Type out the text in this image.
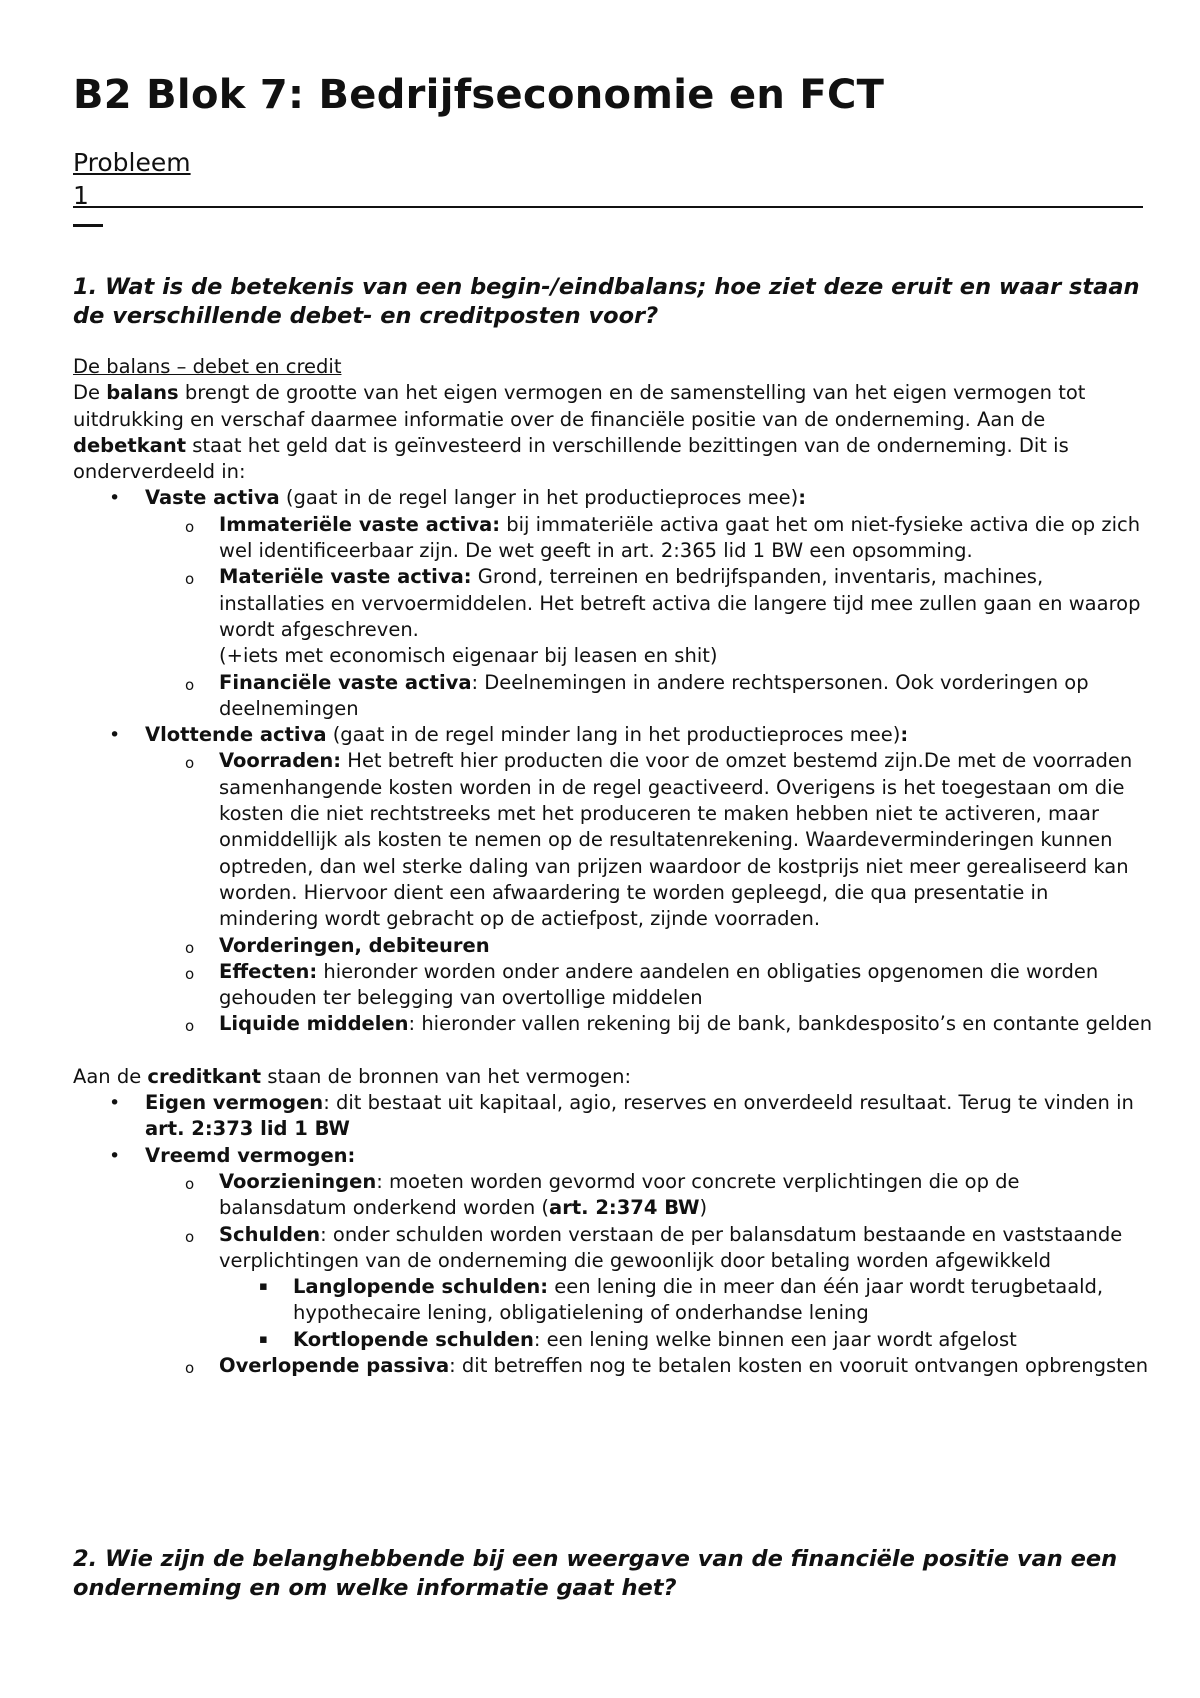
B2 Blok 7: Bedrijfseconomie en FCT
Probleem
1

1. Wat is de betekenis van een begin-/eindbalans; hoe ziet deze eruit en waar staan de verschillende debet- en creditposten voor?

De balans – debet en credit

De balans brengt de grootte van het eigen vermogen en de samenstelling van het eigen vermogen tot uitdrukking en verschaf daarmee informatie over de financiële positie van de onderneming. Aan de debetkant staat het geld dat is geïnvesteerd in verschillende bezittingen van de onderneming. Dit is onderverdeeld in:

• Vaste activa (gaat in de regel langer in het productieproces mee):
o Immateriële vaste activa: bij immateriële activa gaat het om niet-fysieke activa die op zich wel identificeerbaar zijn. De wet geeft in art. 2:365 lid 1 BW een opsomming.
o Materiële vaste activa: Grond, terreinen en bedrijfspanden, inventaris, machines, installaties en vervoermiddelen. Het betreft activa die langere tijd mee zullen gaan en waarop wordt afgeschreven.
(+iets met economisch eigenaar bij leasen en shit)
o Financiële vaste activa: Deelnemingen in andere rechtspersonen. Ook vorderingen op deelnemingen
• Vlottende activa (gaat in de regel minder lang in het productieproces mee):
o Voorraden: Het betreft hier producten die voor de omzet bestemd zijn.De met de voorraden samenhangende kosten worden in de regel geactiveerd. Overigens is het toegestaan om die kosten die niet rechtstreeks met het produceren te maken hebben niet te activeren, maar onmiddellijk als kosten te nemen op de resultatenrekening. Waardeverminderingen kunnen optreden, dan wel sterke daling van prijzen waardoor de kostprijs niet meer gerealiseerd kan worden. Hiervoor dient een afwaardering te worden gepleegd, die qua presentatie in mindering wordt gebracht op de actiefpost, zijnde voorraden.
o Vorderingen, debiteuren
o Effecten: hieronder worden onder andere aandelen en obligaties opgenomen die worden gehouden ter belegging van overtollige middelen
o Liquide middelen: hieronder vallen rekening bij de bank, bankdesposito’s en contante gelden

Aan de creditkant staan de bronnen van het vermogen:

• Eigen vermogen: dit bestaat uit kapitaal, agio, reserves en onverdeeld resultaat. Terug te vinden in art. 2:373 lid 1 BW
• Vreemd vermogen:
o Voorzieningen: moeten worden gevormd voor concrete verplichtingen die op de balansdatum onderkend worden (art. 2:374 BW)
o Schulden: onder schulden worden verstaan de per balansdatum bestaande en vaststaande verplichtingen van de onderneming die gewoonlijk door betaling worden afgewikkeld
▪ Langlopende schulden: een lening die in meer dan één jaar wordt terugbetaald, hypothecaire lening, obligatielening of onderhandse lening
▪ Kortlopende schulden: een lening welke binnen een jaar wordt afgelost
o Overlopende passiva: dit betreffen nog te betalen kosten en vooruit ontvangen opbrengsten

2. Wie zijn de belanghebbende bij een weergave van de financiële positie van een onderneming en om welke informatie gaat het?
